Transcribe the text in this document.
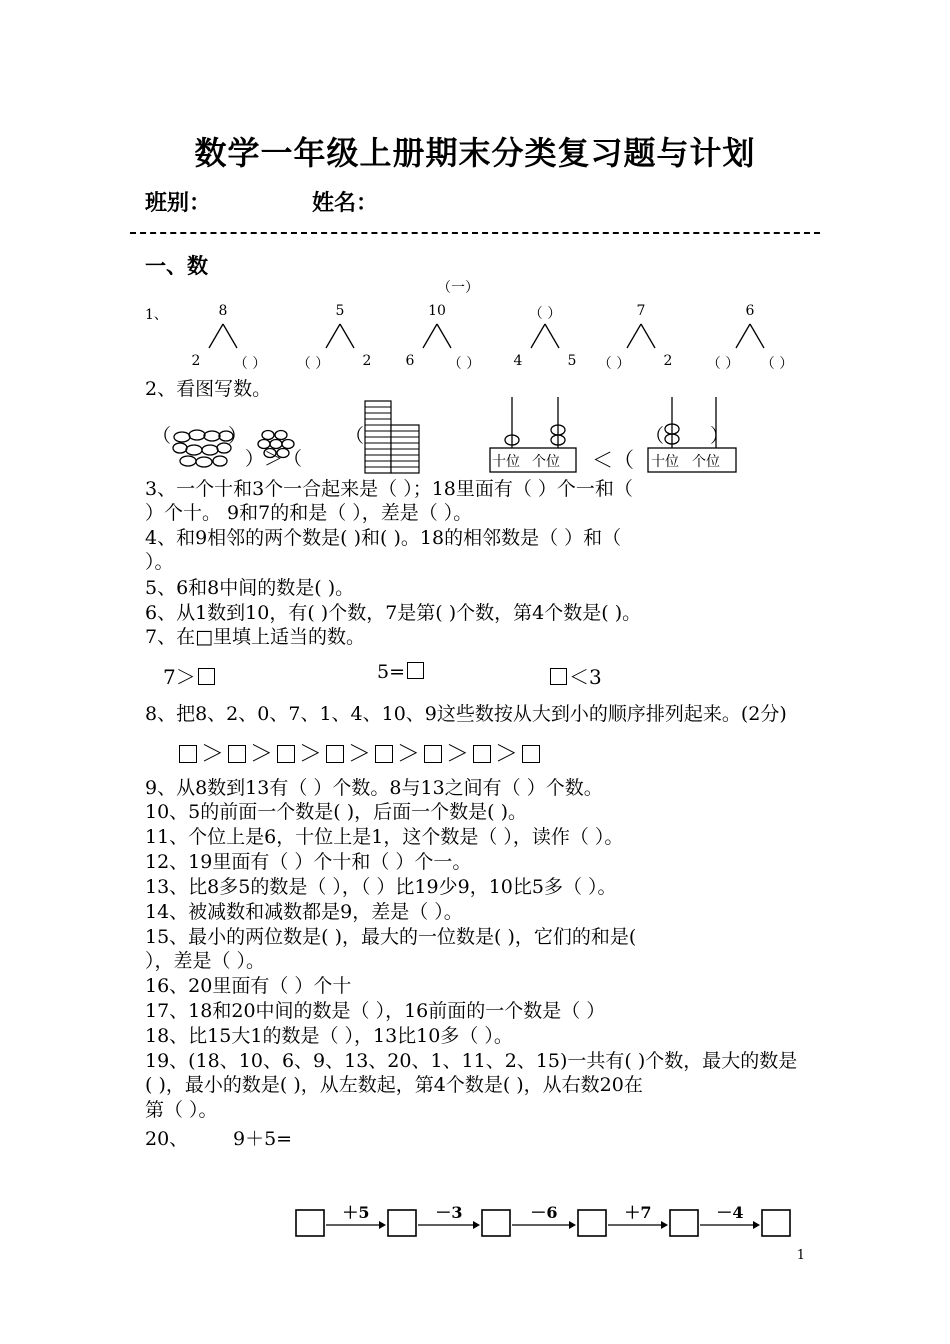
数学一年级上册期末分类复习题与计划
班别：	姓名：
一、数
（一）
1、	8
2	（ ）
5
（ ）	2
10
6	（ ）
（ ）
4	5
7
（ ）	2
6
（ ）	（ ）
2、看图写数。
（	）
）＞（
（
十位 个位 ＜（
（ ）
十位 个位
3、一个十和3个一合起来是（ ）；18里面有（ ）个一和（
）个十。 9和7的和是（ ），差是（ ）。
4、和9相邻的两个数是( )和( )。18的相邻数是（ ）和（
）。
5、6和8中间的数是( )。
6、从1数到10，有( )个数，7是第( )个数，第4个数是( )。
7、在□里填上适当的数。
7＞	5=	＜3
8、把8、2、0、7、1、4、10、9这些数按从大到小的顺序排列起来。(2分)
＞ ＞ ＞ ＞ ＞ ＞ ＞
9、从8数到13有（ ）个数。8与13之间有（ ）个数。
10、5的前面一个数是( )，后面一个数是( )。
11、个位上是6，十位上是1，这个数是（ ），读作（ ）。
12、19里面有（ ）个十和（ ）个一。
13、比8多5的数是（ ），（ ）比19少9，10比5多（ ）。
14、被减数和减数都是9，差是（ ）。
15、最小的两位数是( )，最大的一位数是( )，它们的和是(
），差是（ ）。
16、20里面有（ ）个十
17、18和20中间的数是（ ），16前面的一个数是（ ）
18、比15大1的数是（ ），13比10多（ ）。
19、(18、10、6、9、13、20、1、11、2、15)一共有( )个数，最大的数是
( )，最小的数是( )，从左数起，第4个数是( )，从右数20在
第（ ）。
20、 9＋5=
＋5	－3	－6	＋7	－4
1
